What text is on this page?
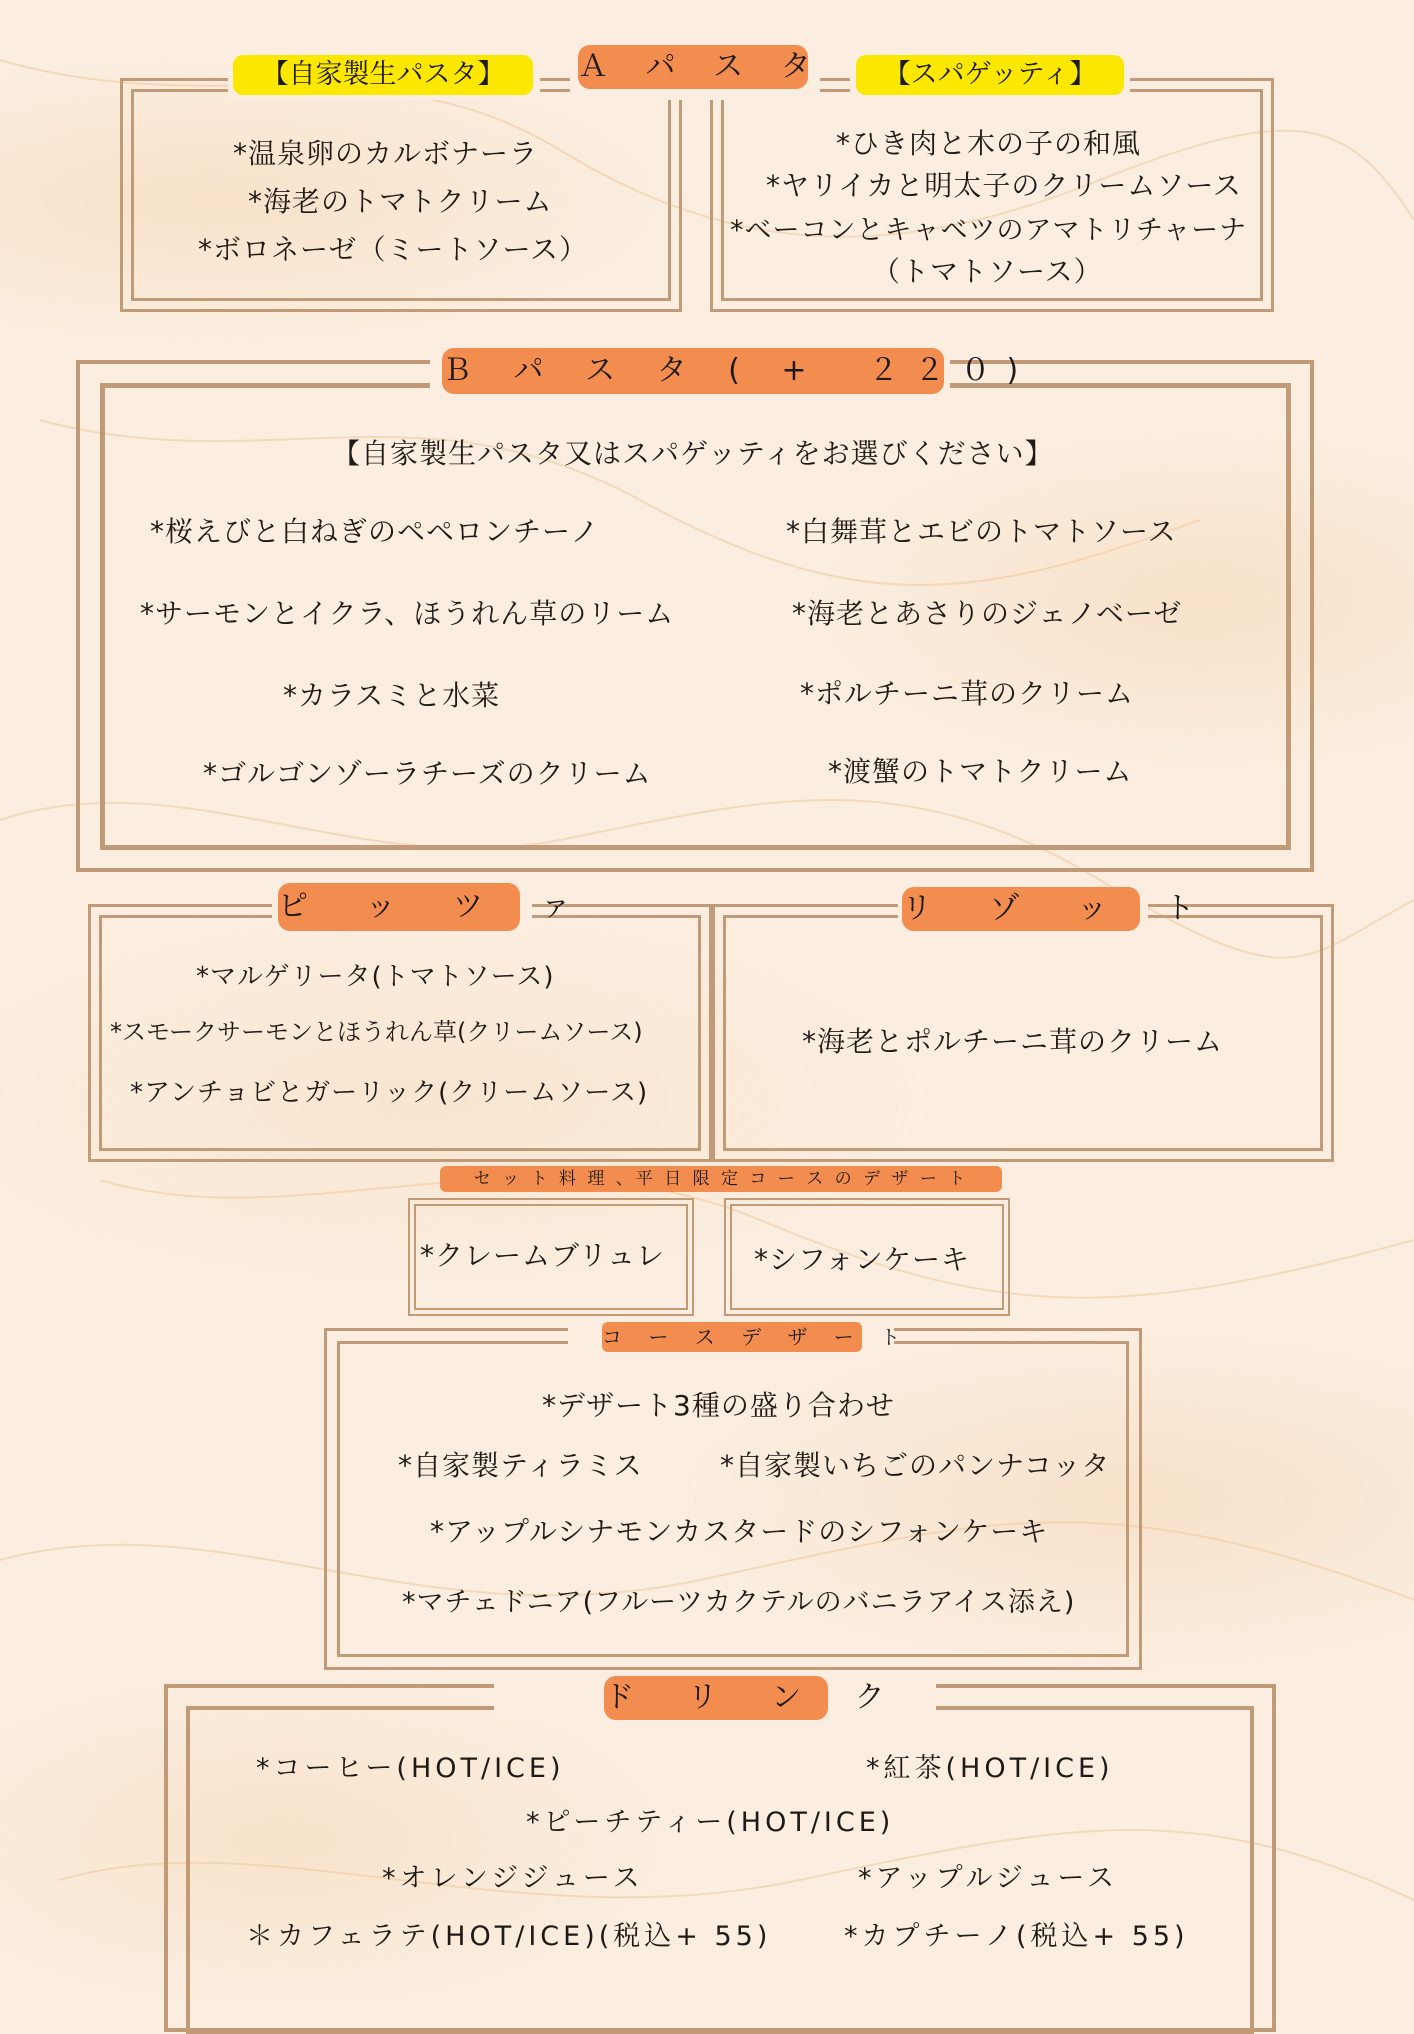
Ａ パ ス タ
【自家製生パスタ】	【スパゲッティ】
*温泉卵のカルボナーラ
*海老のトマトクリーム
*ボロネーゼ（ミートソース）
*ひき肉と木の子の和風
*ヤリイカと明太子のクリームソース
*ベーコンとキャベツのアマトリチャーナ
（トマトソース）
Ｂ パ ス タ ( +　２２０)
【自家製生パスタ又はスパゲッティをお選びください】
*桜えびと白ねぎのペペロンチーノ
*サーモンとイクラ、ほうれん草のリーム
*カラスミと水菜
*ゴルゴンゾーラチーズのクリーム
*白舞茸とエビのトマトソース
*海老とあさりのジェノベーゼ
*ポルチーニ茸のクリーム
*渡蟹のトマトクリーム
ピ ッ ツ ァ
*マルゲリータ(トマトソース)
*スモークサーモンとほうれん草(クリームソース)
*アンチョビとガーリック(クリームソース)
リ ゾ ッ ト
*海老とポルチーニ茸のクリーム
セ ッ ト 料 理 、平 日 限 定 コ ー ス の デ ザ ー ト
*クレームブリュレ	*シフォンケーキ
コ ー ス デ ザ ー ト
*デザート3種の盛り合わせ
*自家製ティラミス	*自家製いちごのパンナコッタ
*アップルシナモンカスタードのシフォンケーキ
*マチェドニア(フルーツカクテルのバニラアイス添え)
ド リ ン ク
*コーヒー(HOT/ICE)	*紅茶(HOT/ICE)
*ピーチティー(HOT/ICE)
*オレンジジュース	*アップルジュース
＊カフェラテ(HOT/ICE)(税込+ 55)	*カプチーノ(税込+ 55)
